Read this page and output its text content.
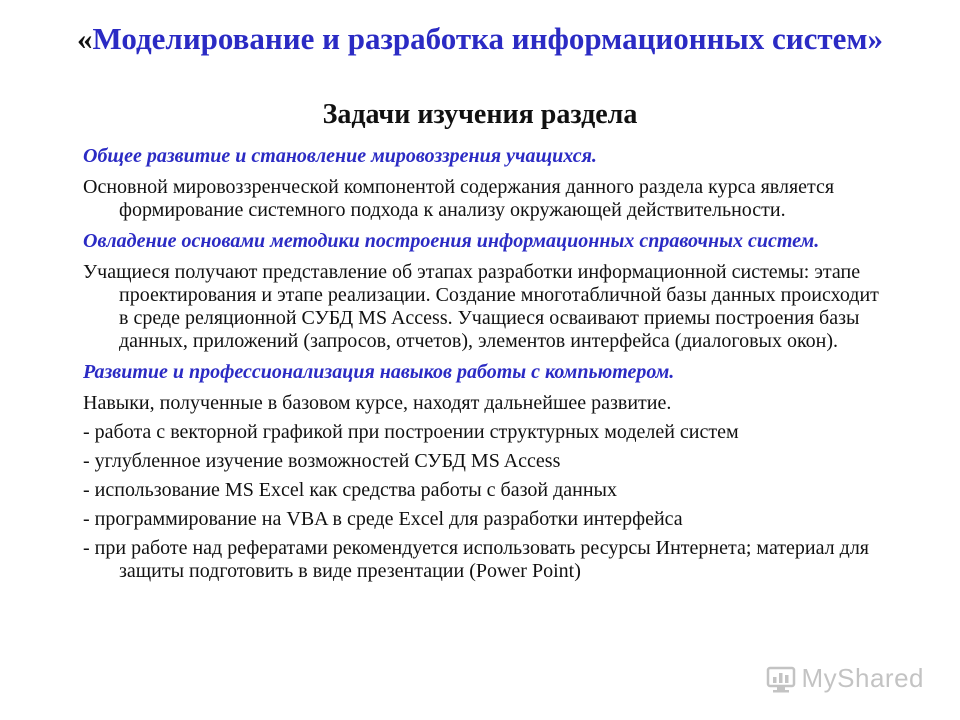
«Моделирование и разработка информационных систем»
Задачи изучения раздела
Общее развитие и становление мировоззрения учащихся.
Основной мировоззренческой компонентой содержания данного раздела курса является формирование системного подхода к анализу окружающей действительности.
Овладение основами методики построения информационных справочных систем.
Учащиеся получают представление об этапах разработки информационной системы: этапе проектирования и этапе реализации. Создание многотабличной базы данных происходит в среде реляционной СУБД MS Access. Учащиеся осваивают приемы построения базы данных, приложений (запросов, отчетов), элементов интерфейса (диалоговых окон).
Развитие и профессионализация навыков работы с компьютером.
Навыки, полученные в базовом курсе, находят дальнейшее развитие.
- работа с векторной графикой при построении структурных моделей систем
- углубленное изучение возможностей СУБД MS Access
- использование MS Excel как средства работы с базой данных
- программирование на VBA в среде Excel для разработки интерфейса
- при работе над рефератами рекомендуется использовать ресурсы Интернета; материал для защиты подготовить в виде презентации (Power Point)
MyShared
